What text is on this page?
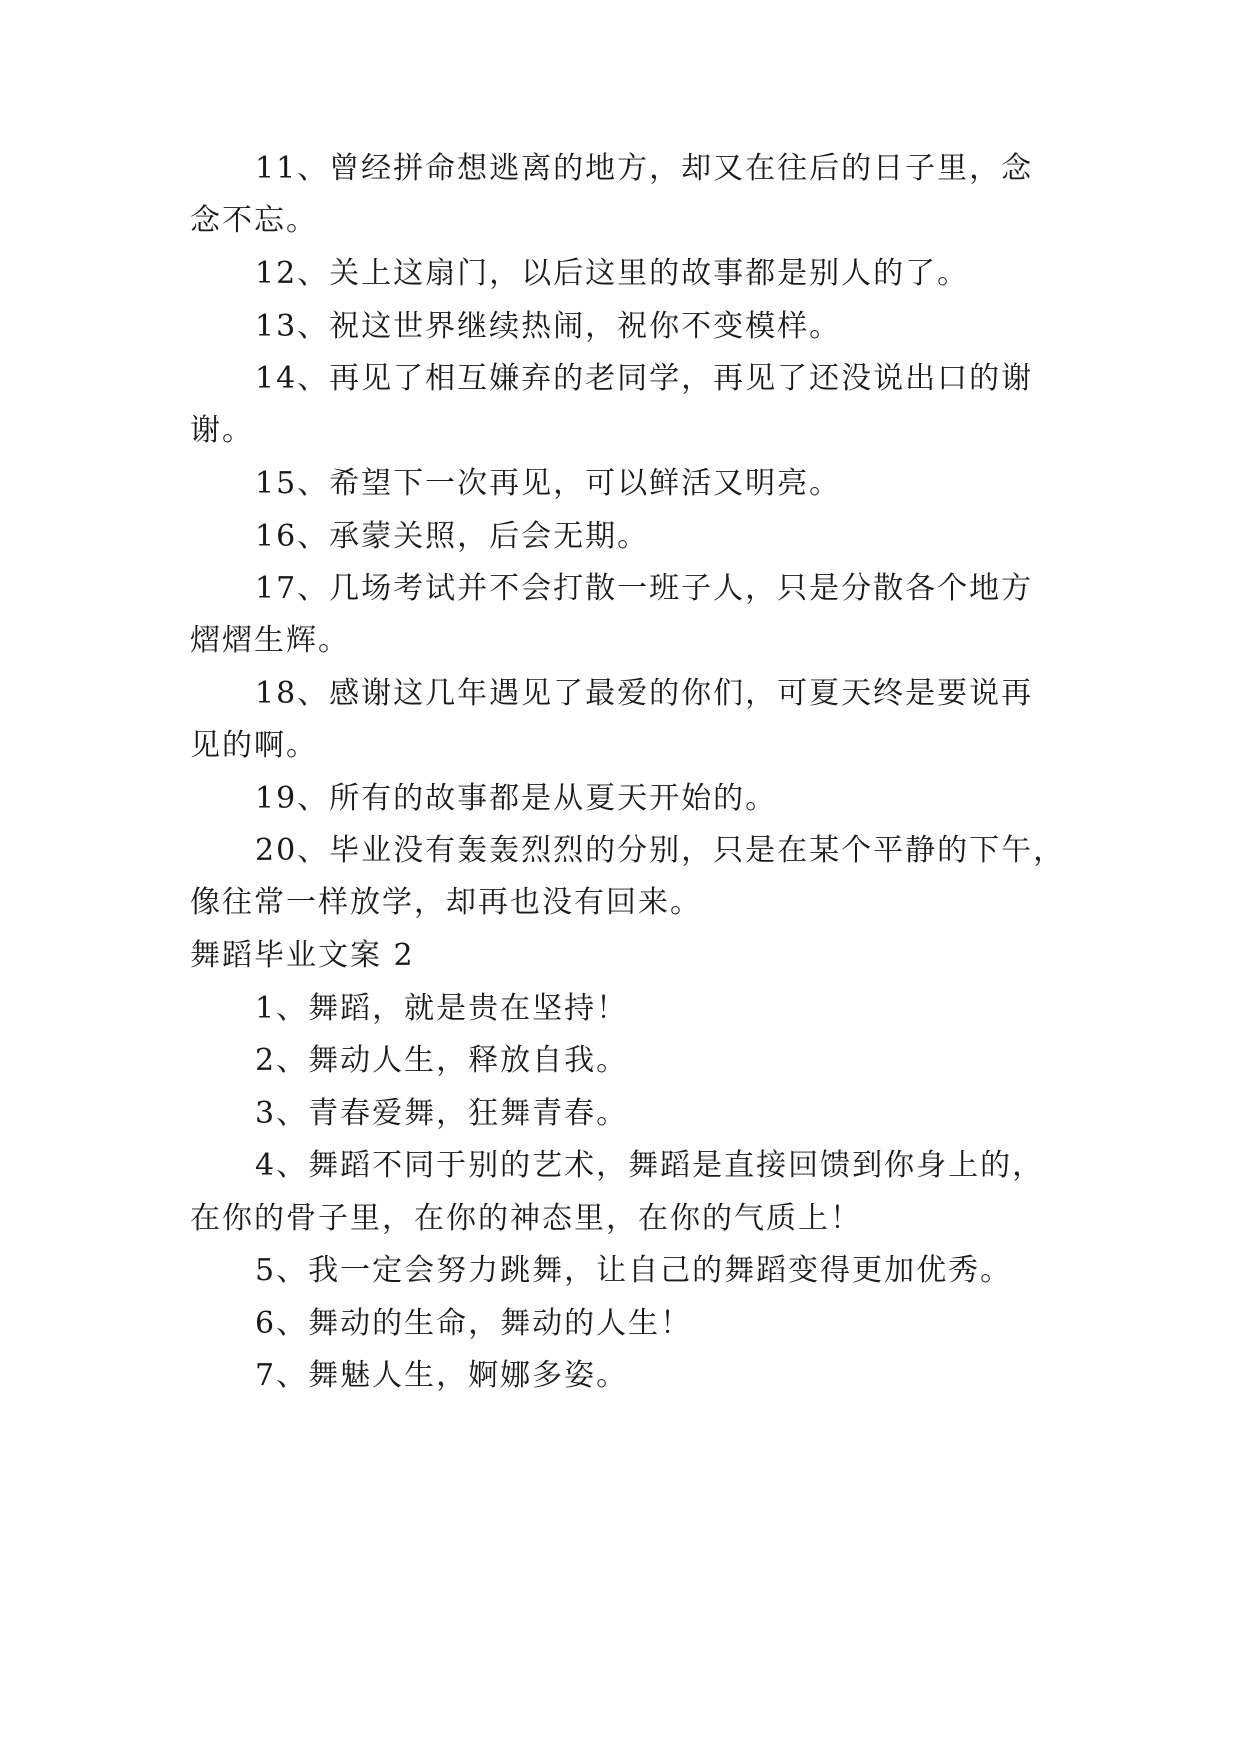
11、曾经拼命想逃离的地方，却又在往后的日子里，念
念不忘。
12、关上这扇门，以后这里的故事都是别人的了。
13、祝这世界继续热闹，祝你不变模样。
14、再见了相互嫌弃的老同学，再见了还没说出口的谢
谢。
15、希望下一次再见，可以鲜活又明亮。
16、承蒙关照，后会无期。
17、几场考试并不会打散一班子人，只是分散各个地方
熠熠生辉。
18、感谢这几年遇见了最爱的你们，可夏天终是要说再
见的啊。
19、所有的故事都是从夏天开始的。
20、毕业没有轰轰烈烈的分别，只是在某个平静的下午，
像往常一样放学，却再也没有回来。
舞蹈毕业文案 2
1、舞蹈，就是贵在坚持！
2、舞动人生，释放自我。
3、青春爱舞，狂舞青春。
4、舞蹈不同于别的艺术，舞蹈是直接回馈到你身上的，
在你的骨子里，在你的神态里，在你的气质上！
5、我一定会努力跳舞，让自己的舞蹈变得更加优秀。
6、舞动的生命，舞动的人生！
7、舞魅人生，婀娜多姿。
